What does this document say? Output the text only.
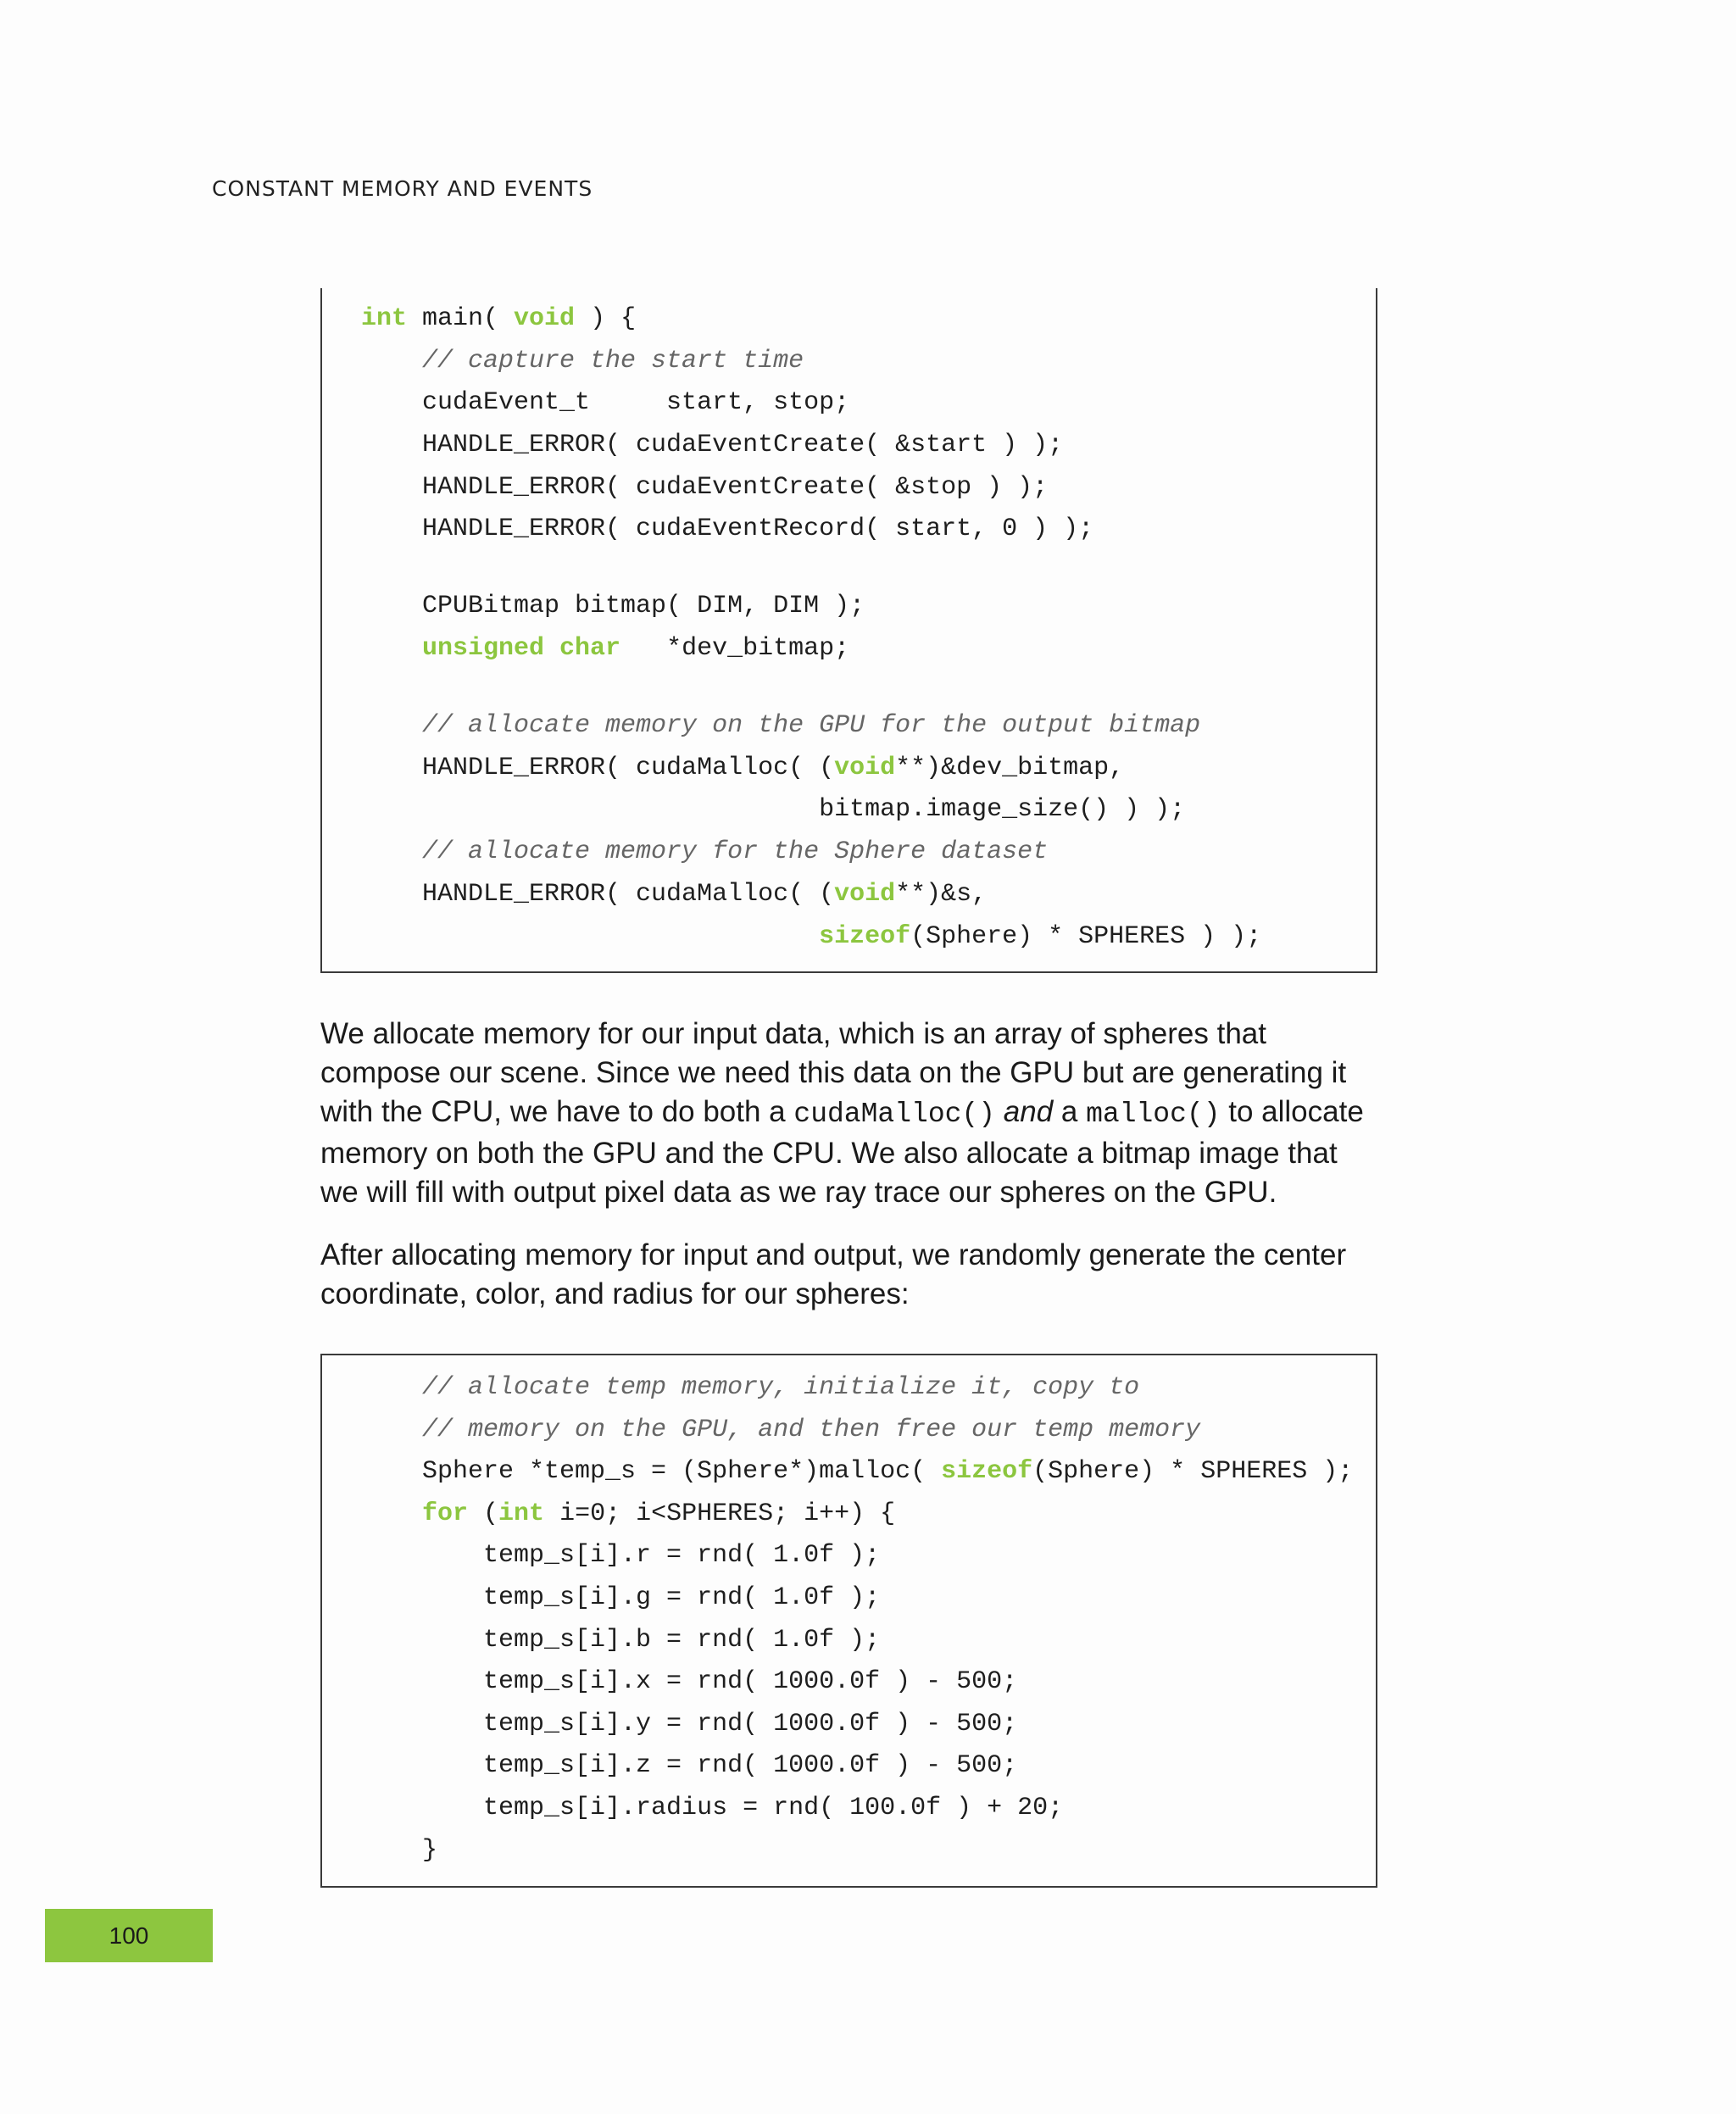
CONSTANT MEMORY AND EVENTS
int main( void ) {
// capture the start time
cudaEvent_t     start, stop;
HANDLE_ERROR( cudaEventCreate( &start ) );
HANDLE_ERROR( cudaEventCreate( &stop ) );
HANDLE_ERROR( cudaEventRecord( start, 0 ) );
CPUBitmap bitmap( DIM, DIM );
unsigned char   *dev_bitmap;
// allocate memory on the GPU for the output bitmap
HANDLE_ERROR( cudaMalloc( (void**)&dev_bitmap,
bitmap.image_size() ) );
// allocate memory for the Sphere dataset
HANDLE_ERROR( cudaMalloc( (void**)&s,
sizeof(Sphere) * SPHERES ) );

We allocate memory for our input data, which is an array of spheres that compose our scene. Since we need this data on the GPU but are generating it with the CPU, we have to do both a cudaMalloc() and a malloc() to allocate memory on both the GPU and the CPU. We also allocate a bitmap image that we will fill with output pixel data as we ray trace our spheres on the GPU.

After allocating memory for input and output, we randomly generate the center coordinate, color, and radius for our spheres:

// allocate temp memory, initialize it, copy to
// memory on the GPU, and then free our temp memory
Sphere *temp_s = (Sphere*)malloc( sizeof(Sphere) * SPHERES );
for (int i=0; i<SPHERES; i++) {
temp_s[i].r = rnd( 1.0f );
temp_s[i].g = rnd( 1.0f );
temp_s[i].b = rnd( 1.0f );
temp_s[i].x = rnd( 1000.0f ) - 500;
temp_s[i].y = rnd( 1000.0f ) - 500;
temp_s[i].z = rnd( 1000.0f ) - 500;
temp_s[i].radius = rnd( 100.0f ) + 20;
}
100
